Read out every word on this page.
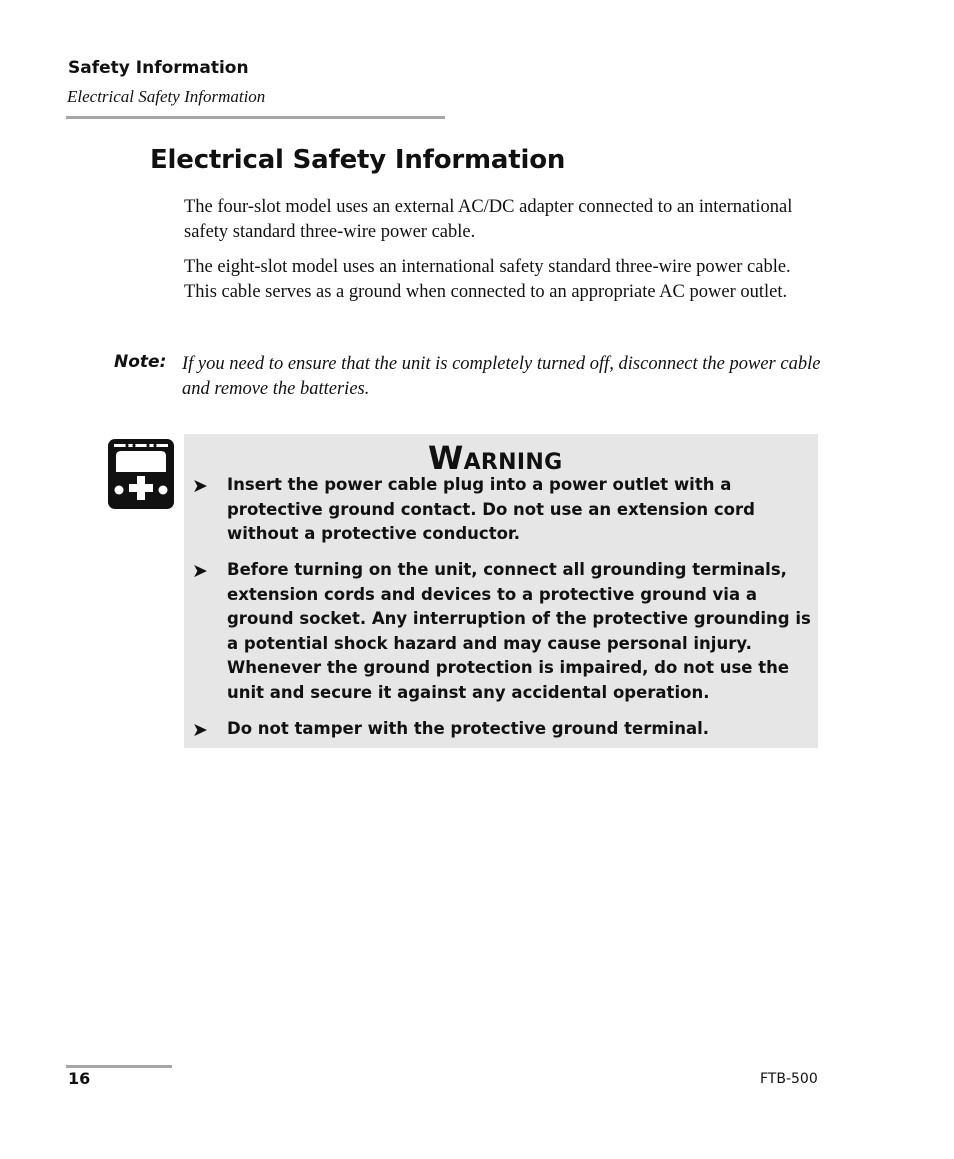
Safety Information
Electrical Safety Information
Electrical Safety Information
The four-slot model uses an external AC/DC adapter connected to an international safety standard three-wire power cable.
The eight-slot model uses an international safety standard three-wire power cable. This cable serves as a ground when connected to an appropriate AC power outlet.
Note: If you need to ensure that the unit is completely turned off, disconnect the power cable and remove the batteries.
Warning
➤ Insert the power cable plug into a power outlet with a protective ground contact. Do not use an extension cord without a protective conductor.
➤ Before turning on the unit, connect all grounding terminals, extension cords and devices to a protective ground via a ground socket. Any interruption of the protective grounding is a potential shock hazard and may cause personal injury. Whenever the ground protection is impaired, do not use the unit and secure it against any accidental operation.
➤ Do not tamper with the protective ground terminal.
16	FTB-500
